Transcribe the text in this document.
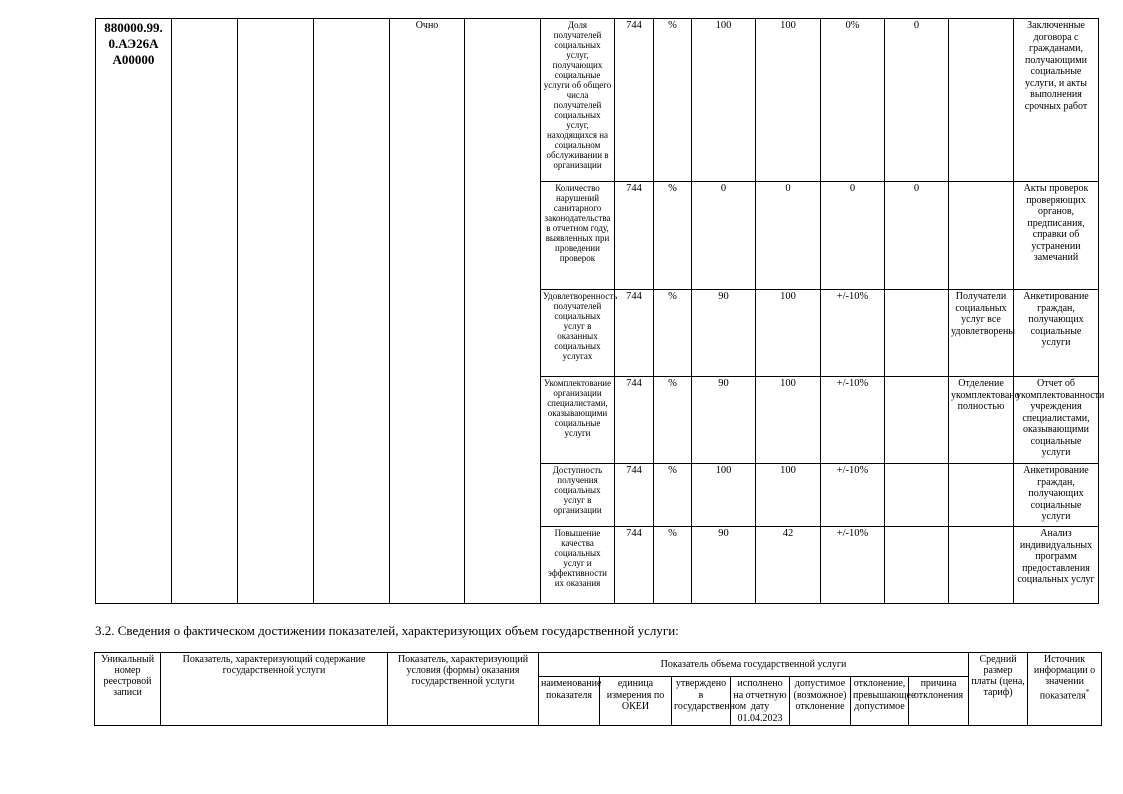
880000.99.
0.АЭ26А
А00000				Очно		Доля получателей социальных услуг, получающих социальные услуги об общего числа получателей социальных услуг, находящихся на социальном обслуживании в организации	744	%	100	100	0%	0		Заключенные договора с гражданами, получающими социальные услуги, и акты выполнения срочных работ
						Количество нарушений санитарного законодательства в отчетном году, выявленных при проведении проверок	744	%	0	0	0	0		Акты проверок проверяющих органов, предписания, справки об устранении замечаний
						Удовлетворенность получателей социальных услуг в оказанных социальных услугах	744	%	90	100	+/-10%		Получатели социальных услуг все удовлетворены	Анкетирование граждан, получающих социальные услуги
						Укомплектование организации специалистами, оказывающими социальные услуги	744	%	90	100	+/-10%		Отделение укомплектовано полностью	Отчет об укомплектованности учреждения специалистами, оказывающими социальные услуги
						Доступность получения социальных услуг в организации	744	%	100	100	+/-10%			Анкетирование граждан, получающих социальные услуги
						Повышение качества социальных услуг и эффективности их оказания	744	%	90	42	+/-10%			Анализ индивидуальных программ предоставления социальных услуг
3.2. Сведения о фактическом достижении показателей, характеризующих объем государственной услуги:
Уникальный номер реестровой записи	Показатель, характеризующий содержание государственной услуги	Показатель, характеризующий условия (формы) оказания государственной услуги	Показатель объема государственной услуги							Средний размер платы (цена, тариф)	Источник информации о значении показателя*
			наименование показателя	единица измерения по ОКЕИ	утверждено в государственном	исполнено на отчетную дату 01.04.2023	допустимое (возможное) отклонение	отклонение, превышающее допустимое	причина отклонения		
